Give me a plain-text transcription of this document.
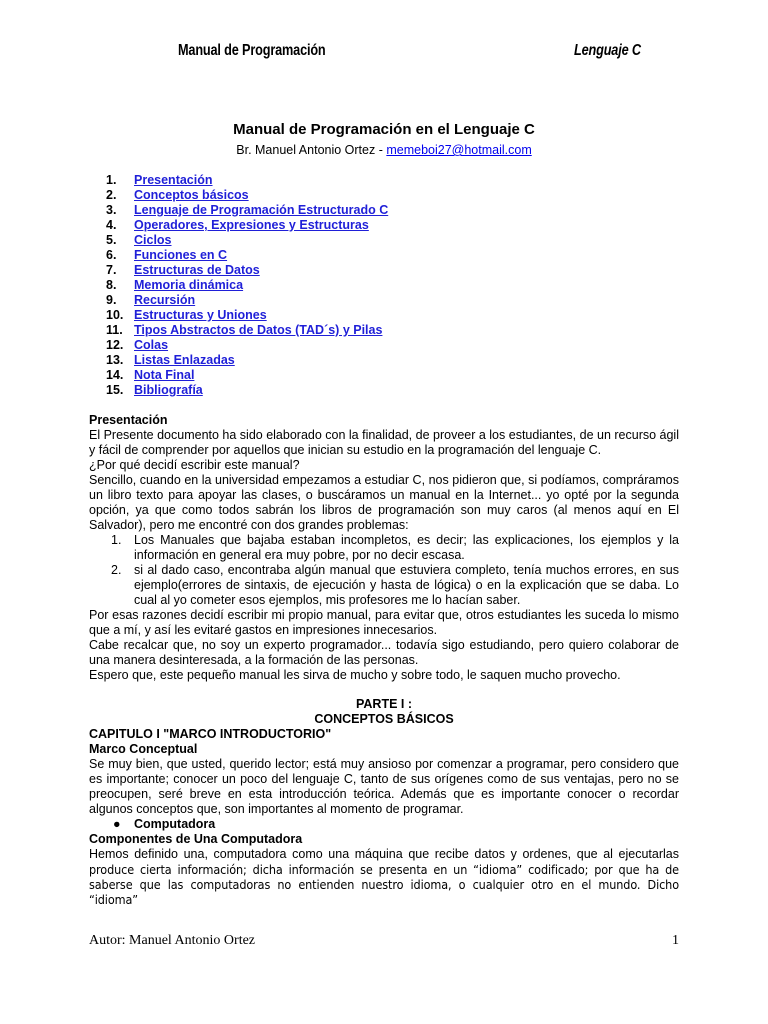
Manual de Programación	Lenguaje C
Manual de Programación en el Lenguaje C
Br. Manuel Antonio Ortez - memeboi27@hotmail.com
1. Presentación
2. Conceptos básicos
3. Lenguaje de Programación Estructurado C
4. Operadores, Expresiones y Estructuras
5. Ciclos
6. Funciones en C
7. Estructuras de Datos
8. Memoria dinámica
9. Recursión
10. Estructuras y Uniones
11. Tipos Abstractos de Datos (TAD´s) y Pilas
12. Colas
13. Listas Enlazadas
14. Nota Final
15. Bibliografía

Presentación

El Presente documento ha sido elaborado con la finalidad, de proveer a los estudiantes, de un recurso ágil y fácil de comprender por aquellos que inician su estudio en la programación del lenguaje C.

¿Por qué decidí escribir este manual?

Sencillo, cuando en la universidad empezamos a estudiar C, nos pidieron que, si podíamos, compráramos un libro texto para apoyar las clases, o buscáramos un manual en la Internet... yo opté por la segunda opción, ya que como todos sabrán los libros de programación son muy caros (al menos aquí en El Salvador), pero me encontré con dos grandes problemas:

1. Los Manuales que bajaba estaban incompletos, es decir; las explicaciones, los ejemplos y la información en general era muy pobre, por no decir escasa.
2. si al dado caso, encontraba algún manual que estuviera completo, tenía muchos errores, en sus ejemplo(errores de sintaxis, de ejecución y hasta de lógica) o en la explicación que se daba. Lo cual al yo cometer esos ejemplos, mis profesores me lo hacían saber.

Por esas razones decidí escribir mi propio manual, para evitar que, otros estudiantes les suceda lo mismo que a mí, y así les evitaré gastos en impresiones innecesarios.

Cabe recalcar que, no soy un experto programador... todavía sigo estudiando, pero quiero colaborar de una manera desinteresada, a la formación de las personas.

Espero que, este pequeño manual les sirva de mucho y sobre todo, le saquen mucho provecho.

PARTE I :

CONCEPTOS BÁSICOS

CAPITULO I "MARCO INTRODUCTORIO"

Marco Conceptual

Se muy bien, que usted, querido lector; está muy ansioso por comenzar a programar, pero considero que es importante; conocer un poco del lenguaje C, tanto de sus orígenes como de sus ventajas, pero no se preocupen, seré breve en esta introducción teórica. Además que es importante conocer o recordar algunos conceptos que, son importantes al momento de programar.

● Computadora

Componentes de Una Computadora

Hemos definido una, computadora como una máquina que recibe datos y ordenes, que al ejecutarlas

produce cierta información; dicha información se presenta en un “idioma” codificado; por que ha de

saberse que las computadoras no entienden nuestro idioma, o cualquier otro en el mundo. Dicho “idioma”

Autor: Manuel Antonio Ortez	1
